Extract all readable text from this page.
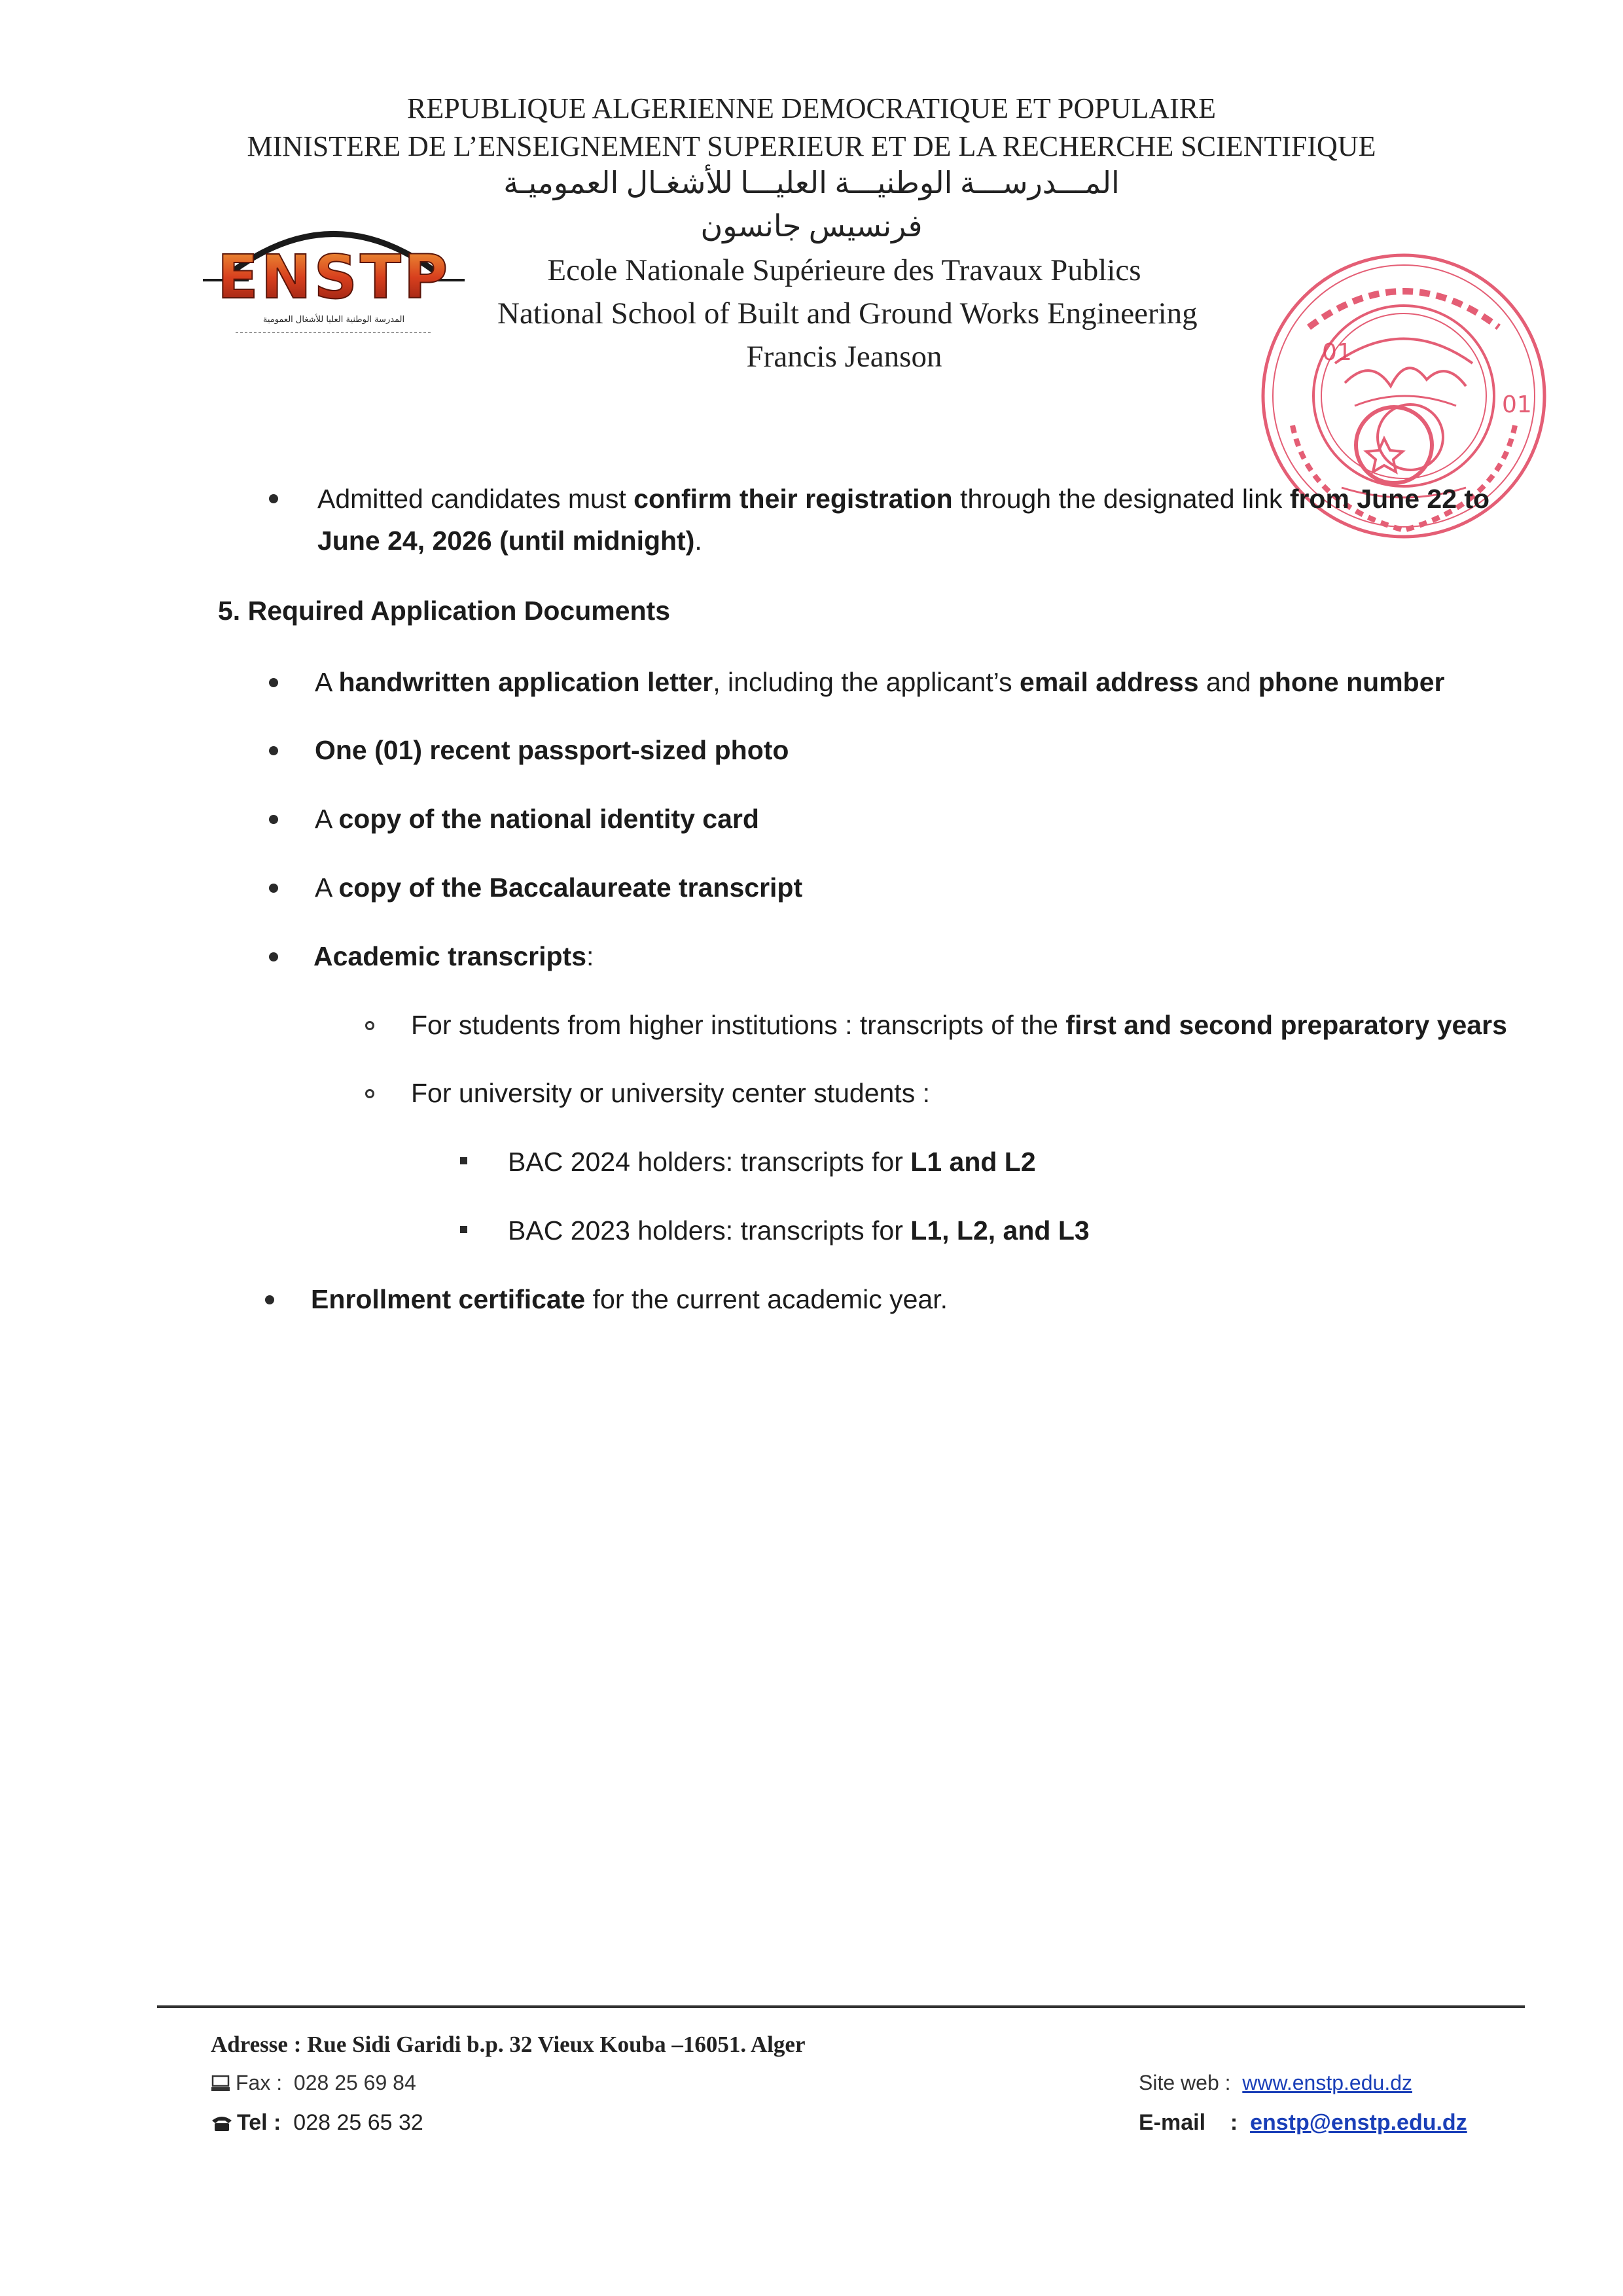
REPUBLIQUE ALGERIENNE DEMOCRATIQUE ET POPULAIRE
MINISTERE DE L’ENSEIGNEMENT SUPERIEUR ET DE LA RECHERCHE SCIENTIFIQUE
المـــدرســـة الوطنيـــة العليـــا للأشغـال العموميـة
فرنسيس جانسون
Ecole Nationale Supérieure des Travaux Publics
National School of Built and Ground Works Engineering
Francis Jeanson
ENSTP
المدرسة الوطنية العليا للأشغال العمومية
01
01
Admitted candidates must confirm their registration through the designated link from June 22 to
June 24, 2026 (until midnight).
5. Required Application Documents
A handwritten application letter, including the applicant’s email address and phone number
One (01) recent passport-sized photo
A copy of the national identity card
A copy of the Baccalaureate transcript
Academic transcripts:
For students from higher institutions : transcripts of the first and second preparatory years
For university or university center students :
BAC 2024 holders: transcripts for L1 and L2
BAC 2023 holders: transcripts for L1, L2, and L3
Enrollment certificate for the current academic year.
Adresse : Rue Sidi Garidi b.p. 32 Vieux Kouba –16051. Alger
Fax : 028 25 69 84
Tel : 028 25 65 32
Site web : www.enstp.edu.dz
E-mail : enstp@enstp.edu.dz
